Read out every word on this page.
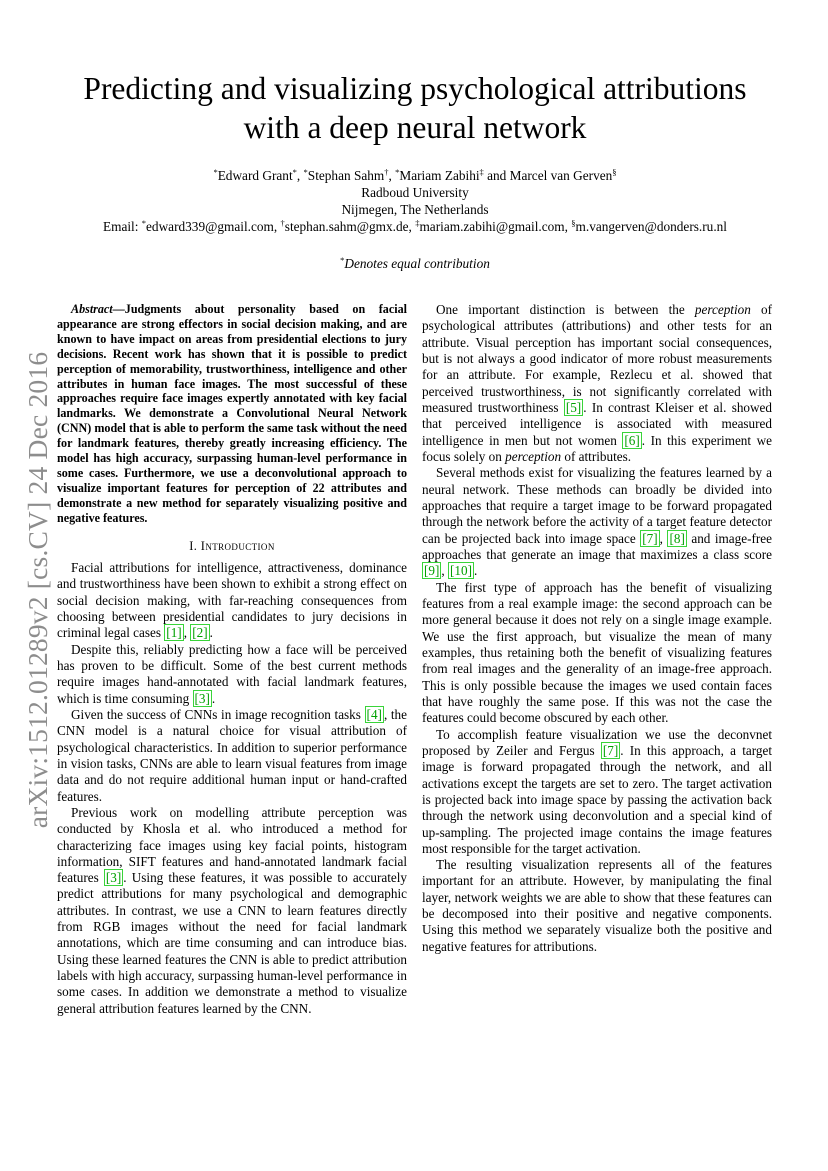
arXiv:1512.01289v2 [cs.CV] 24 Dec 2016
Predicting and visualizing psychological attributions
with a deep neural network
*Edward Grant*, *Stephan Sahm†, *Mariam Zabihi‡ and Marcel van Gerven§
Radboud University
Nijmegen, The Netherlands
Email: *edward339@gmail.com, †stephan.sahm@gmx.de, ‡mariam.zabihi@gmail.com, §m.vangerven@donders.ru.nl
*Denotes equal contribution

Abstract—Judgments about personality based on facial appearance are strong effectors in social decision making, and are known to have impact on areas from presidential elections to jury decisions. Recent work has shown that it is possible to predict perception of memorability, trustworthiness, intelligence and other attributes in human face images. The most successful of these approaches require face images expertly annotated with key facial landmarks. We demonstrate a Convolutional Neural Network (CNN) model that is able to perform the same task without the need for landmark features, thereby greatly increasing efficiency. The model has high accuracy, surpassing human-level performance in some cases. Furthermore, we use a deconvolutional approach to visualize important features for perception of 22 attributes and demonstrate a new method for separately visualizing positive and negative features.

I. Introduction

Facial attributions for intelligence, attractiveness, dominance and trustworthiness have been shown to exhibit a strong effect on social decision making, with far-reaching consequences from choosing between presidential candidates to jury decisions in criminal legal cases [1] , [2] .

Despite this, reliably predicting how a face will be perceived has proven to be difficult. Some of the best current methods require images hand-annotated with facial landmark features, which is time consuming [3] .

Given the success of CNNs in image recognition tasks [4] , the CNN model is a natural choice for visual attribution of psychological characteristics. In addition to superior performance in vision tasks, CNNs are able to learn visual features from image data and do not require additional human input or hand-crafted features.

Previous work on modelling attribute perception was conducted by Khosla et al. who introduced a method for characterizing face images using key facial points, histogram information, SIFT features and hand-annotated landmark facial features [3] . Using these features, it was possible to accurately predict attributions for many psychological and demographic attributes. In contrast, we use a CNN to learn features directly from RGB images without the need for facial landmark annotations, which are time consuming and can introduce bias. Using these learned features the CNN is able to predict attribution labels with high accuracy, surpassing human-level performance in some cases. In addition we demonstrate a method to visualize general attribution features learned by the CNN.

One important distinction is between the perception of psychological attributes (attributions) and other tests for an attribute. Visual perception has important social consequences, but is not always a good indicator of more robust measurements for an attribute. For example, Rezlecu et al. showed that perceived trustworthiness, is not significantly correlated with measured trustworthiness [5] . In contrast Kleiser et al. showed that perceived intelligence is associated with measured intelligence in men but not women [6] . In this experiment we focus solely on perception of attributes.

Several methods exist for visualizing the features learned by a neural network. These methods can broadly be divided into approaches that require a target image to be forward propagated through the network before the activity of a target feature detector can be projected back into image space [7] , [8] and image-free approaches that generate an image that maximizes a class score [9] , [10] .

The first type of approach has the benefit of visualizing features from a real example image: the second approach can be more general because it does not rely on a single image example. We use the first approach, but visualize the mean of many examples, thus retaining both the benefit of visualizing features from real images and the generality of an image-free approach. This is only possible because the images we used contain faces that have roughly the same pose. If this was not the case the features could become obscured by each other.

To accomplish feature visualization we use the deconvnet proposed by Zeiler and Fergus [7] . In this approach, a target image is forward propagated through the network, and all activations except the targets are set to zero. The target activation is projected back into image space by passing the activation back through the network using deconvolution and a special kind of up-sampling. The projected image contains the image features most responsible for the target activation.

The resulting visualization represents all of the features important for an attribute. However, by manipulating the final layer, network weights we are able to show that these features can be decomposed into their positive and negative components. Using this method we separately visualize both the positive and negative features for attributions.
